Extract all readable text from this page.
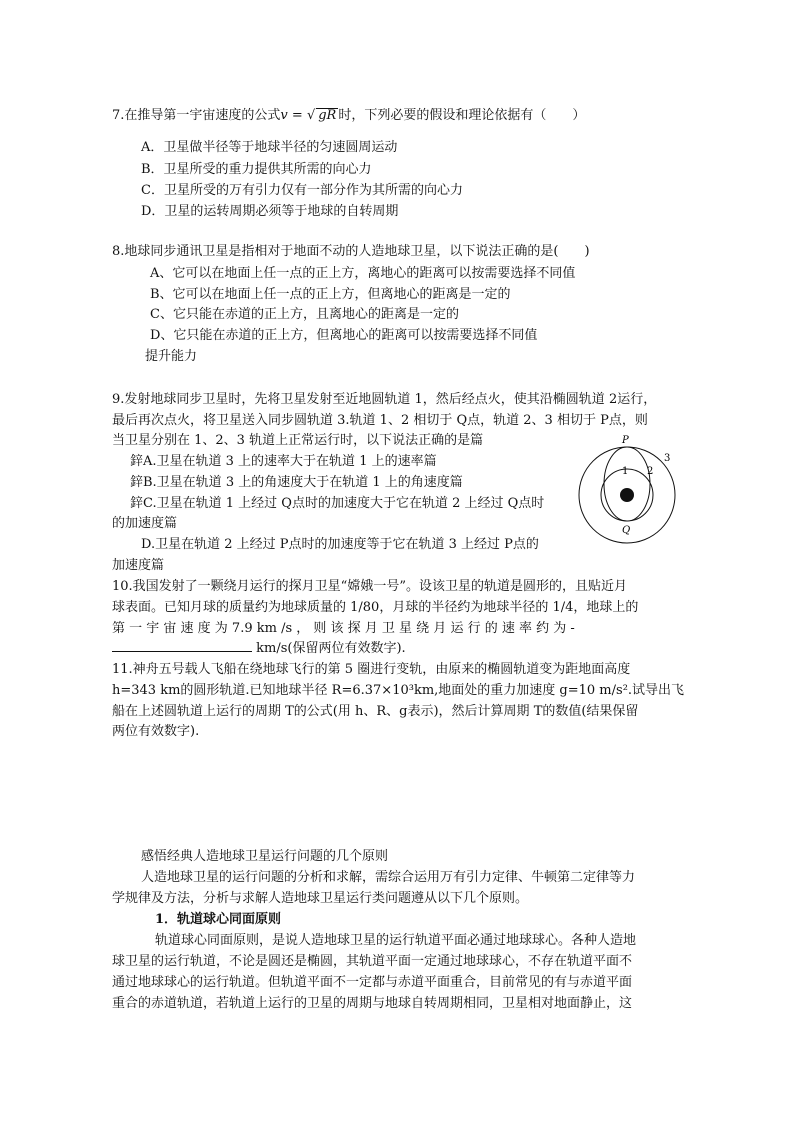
7.在推导第一宇宙速度的公式v = √ gR 时，下列必要的假设和理论依据有（　　）
A．卫星做半径等于地球半径的匀速圆周运动
B．卫星所受的重力提供其所需的向心力
C．卫星所受的万有引力仅有一部分作为其所需的向心力
D．卫星的运转周期必须等于地球的自转周期
8.地球同步通讯卫星是指相对于地面不动的人造地球卫星，以下说法正确的是(　　)
A、它可以在地面上任一点的正上方，离地心的距离可以按需要选择不同值
B、它可以在地面上任一点的正上方，但离地心的距离是一定的
C、它只能在赤道的正上方，且离地心的距离是一定的
D、它只能在赤道的正上方，但离地心的距离可以按需要选择不同值
提升能力
9.发射地球同步卫星时，先将卫星发射至近地圆轨道 1，然后经点火，使其沿椭圆轨道 2运行，
最后再次点火，将卫星送入同步圆轨道 3.轨道 1、2 相切于 Q点，轨道 2、3 相切于 P点，则
当卫星分别在 1、2、3 轨道上正常运行时，以下说法正确的是篇
鋅A.卫星在轨道 3 上的速率大于在轨道 1 上的速率篇
鋅B.卫星在轨道 3 上的角速度大于在轨道 1 上的角速度篇
鋅C.卫星在轨道 1 上经过 Q点时的加速度大于它在轨道 2 上经过 Q点时
的加速度篇
D.卫星在轨道 2 上经过 P点时的加速度等于它在轨道 3 上经过 P点的
加速度篇
P
Q
1 2
3
10.我国发射了一颗绕月运行的探月卫星“嫦娥一号”。设该卫星的轨道是圆形的，且贴近月
球表面。已知月球的质量约为地球质量的 1/80，月球的半径约为地球半径的 1/4，地球上的
第 一 宇 宙 速 度 为 7.9 km /s ， 则 该 探 月 卫 星 绕 月 运 行 的 速 率 约 为 -
km/s(保留两位有效数字).
11.神舟五号载人飞船在绕地球飞行的第 5 圈进行变轨，由原来的椭圆轨道变为距地面高度
h=343 km的圆形轨道.已知地球半径 R=6.37×10³km,地面处的重力加速度 g=10 m/s².试导出飞
船在上述圆轨道上运行的周期 T的公式(用 h、R、g表示)，然后计算周期 T的数值(结果保留
两位有效数字).
感悟经典人造地球卫星运行问题的几个原则
人造地球卫星的运行问题的分析和求解，需综合运用万有引力定律、牛顿第二定律等力
学规律及方法，分析与求解人造地球卫星运行类问题遵从以下几个原则。
1．轨道球心同面原则
轨道球心同面原则，是说人造地球卫星的运行轨道平面必通过地球球心。各种人造地
球卫星的运行轨道，不论是圆还是椭圆，其轨道平面一定通过地球球心，不存在轨道平面不
通过地球球心的运行轨道。但轨道平面不一定都与赤道平面重合，目前常见的有与赤道平面
重合的赤道轨道，若轨道上运行的卫星的周期与地球自转周期相同，卫星相对地面静止，这
